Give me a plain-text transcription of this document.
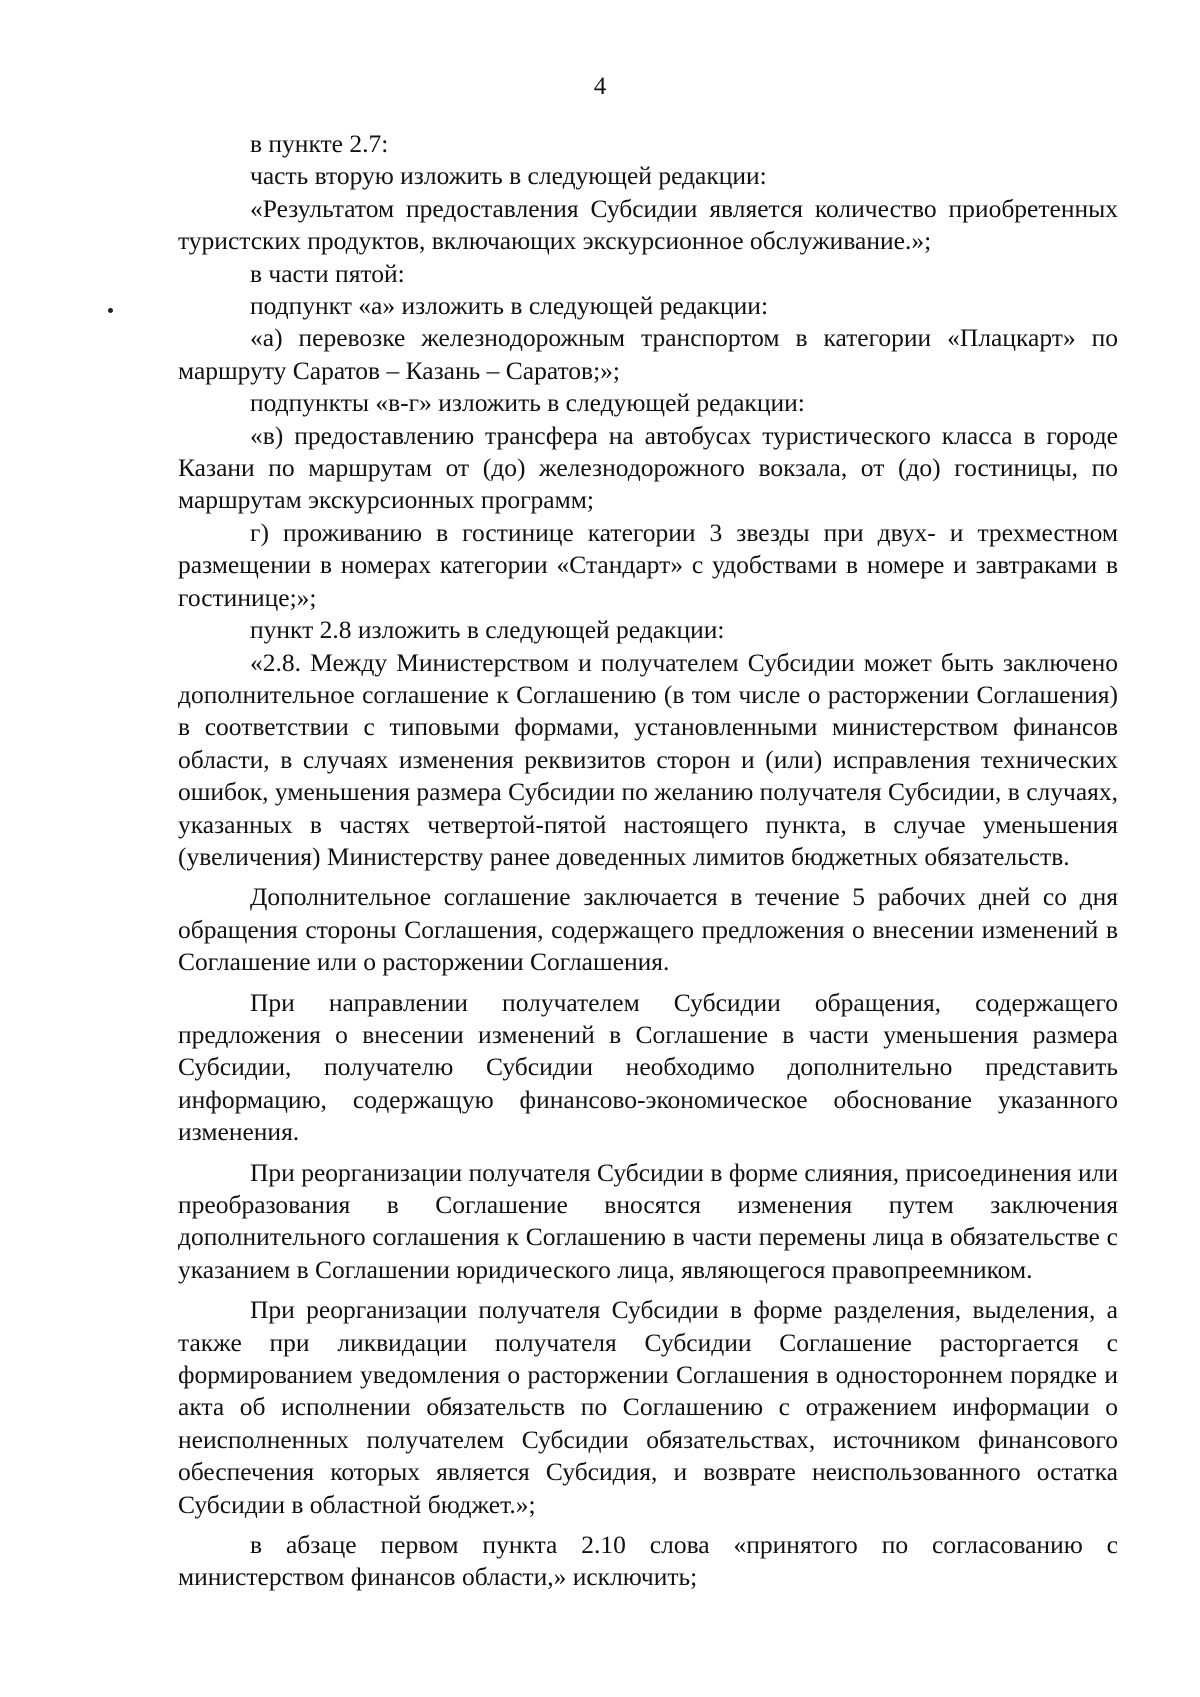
4

в пункте 2.7:

часть вторую изложить в следующей редакции:

«Результатом предоставления Субсидии является количество приобретенных туристских продуктов, включающих экскурсионное обслуживание.»;

в части пятой:

подпункт «а» изложить в следующей редакции:

«а) перевозке железнодорожным транспортом в категории «Плацкарт» по маршруту Саратов – Казань – Саратов;»;

подпункты «в-г» изложить в следующей редакции:

«в) предоставлению трансфера на автобусах туристического класса в городе Казани по маршрутам от (до) железнодорожного вокзала, от (до) гостиницы, по маршрутам экскурсионных программ;

г) проживанию в гостинице категории 3 звезды при двух- и трехместном размещении в номерах категории «Стандарт» с удобствами в номере и завтраками в гостинице;»;

пункт 2.8 изложить в следующей редакции:

«2.8. Между Министерством и получателем Субсидии может быть заключено дополнительное соглашение к Соглашению (в том числе о расторжении Соглашения) в соответствии с типовыми формами, установленными министерством финансов области, в случаях изменения реквизитов сторон и (или) исправления технических ошибок, уменьшения размера Субсидии по желанию получателя Субсидии, в случаях, указанных в частях четвертой-пятой настоящего пункта, в случае уменьшения (увеличения) Министерству ранее доведенных лимитов бюджетных обязательств.

Дополнительное соглашение заключается в течение 5 рабочих дней со дня обращения стороны Соглашения, содержащего предложения о внесении изменений в Соглашение или о расторжении Соглашения.

При направлении получателем Субсидии обращения, содержащего предложения о внесении изменений в Соглашение в части уменьшения размера Субсидии, получателю Субсидии необходимо дополнительно представить информацию, содержащую финансово-экономическое обоснование указанного изменения.

При реорганизации получателя Субсидии в форме слияния, присоединения или преобразования в Соглашение вносятся изменения путем заключения дополнительного соглашения к Соглашению в части перемены лица в обязательстве с указанием в Соглашении юридического лица, являющегося правопреемником.

При реорганизации получателя Субсидии в форме разделения, выделения, а также при ликвидации получателя Субсидии Соглашение расторгается с формированием уведомления о расторжении Соглашения в одностороннем порядке и акта об исполнении обязательств по Соглашению с отражением информации о неисполненных получателем Субсидии обязательствах, источником финансового обеспечения которых является Субсидия, и возврате неиспользованного остатка Субсидии в областной бюджет.»;

в абзаце первом пункта 2.10 слова «принятого по согласованию с министерством финансов области,» исключить;
